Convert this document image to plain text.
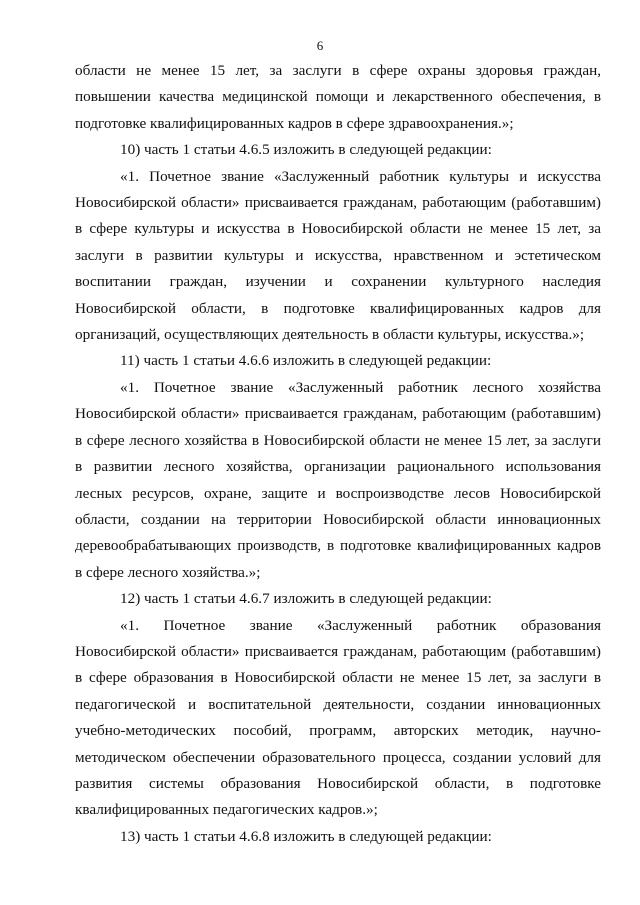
6

области не менее 15 лет, за заслуги в сфере охраны здоровья граждан, повышении качества медицинской помощи и лекарственного обеспечения, в подготовке квалифицированных кадров в сфере здравоохранения.»;

10) часть 1 статьи 4.6.5 изложить в следующей редакции:

«1. Почетное звание «Заслуженный работник культуры и искусства Новосибирской области» присваивается гражданам, работающим (работавшим) в сфере культуры и искусства в Новосибирской области не менее 15 лет, за заслуги в развитии культуры и искусства, нравственном и эстетическом воспитании граждан, изучении и сохранении культурного наследия Новосибирской области, в подготовке квалифицированных кадров для организаций, осуществляющих деятельность в области культуры, искусства.»;

11) часть 1 статьи 4.6.6 изложить в следующей редакции:

«1. Почетное звание «Заслуженный работник лесного хозяйства Новосибирской области» присваивается гражданам, работающим (работавшим) в сфере лесного хозяйства в Новосибирской области не менее 15 лет, за заслуги в развитии лесного хозяйства, организации рационального использования лесных ресурсов, охране, защите и воспроизводстве лесов Новосибирской области, создании на территории Новосибирской области инновационных деревообрабатывающих производств, в подготовке квалифицированных кадров в сфере лесного хозяйства.»;

12) часть 1 статьи 4.6.7 изложить в следующей редакции:

«1. Почетное звание «Заслуженный работник образования Новосибирской области» присваивается гражданам, работающим (работавшим) в сфере образования в Новосибирской области не менее 15 лет, за заслуги в педагогической и воспитательной деятельности, создании инновационных учебно-методических пособий, программ, авторских методик, научно-методическом обеспечении образовательного процесса, создании условий для развития системы образования Новосибирской области, в подготовке квалифицированных педагогических кадров.»;

13) часть 1 статьи 4.6.8 изложить в следующей редакции:
